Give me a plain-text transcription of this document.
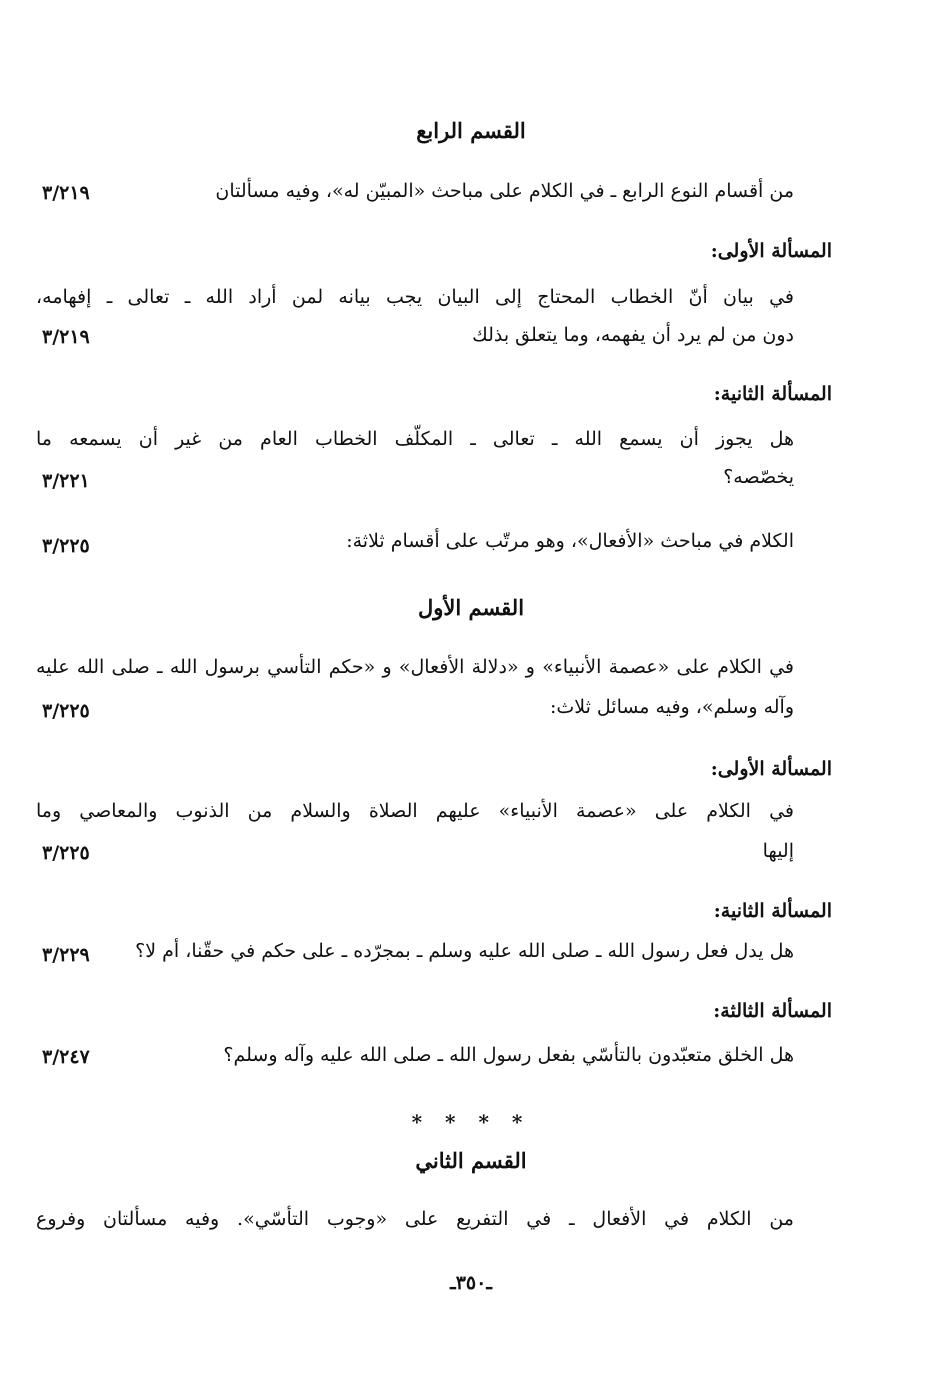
القسم الرابع
من أقسام النوع الرابع ـ في الكلام على مباحث «المبيّن له»، وفيه مسألتان
٣/٢١٩
المسألة الأولى:
في بيان أنّ الخطاب المحتاج إلى البيان يجب بيانه لمن أراد الله ـ تعالى ـ إفهامه،
دون من لم يرد أن يفهمه، وما يتعلق بذلك
٣/٢١٩
المسألة الثانية:
هل يجوز أن يسمع الله ـ تعالى ـ المكلّف الخطاب العام من غير أن يسمعه ما
يخصّصه؟
٣/٢٢١
الكلام في مباحث «الأفعال»، وهو مرتّب على أقسام ثلاثة:
٣/٢٢٥
القسم الأول
في الكلام على «عصمة الأنبياء» و «دلالة الأفعال» و «حكم التأسي برسول الله ـ صلى الله عليه
وآله وسلم»، وفيه مسائل ثلاث:
٣/٢٢٥
المسألة الأولى:
في الكلام على «عصمة الأنبياء» عليهم الصلاة والسلام من الذنوب والمعاصي وما
إليها
٣/٢٢٥
المسألة الثانية:
هل يدل فعل رسول الله ـ صلى الله عليه وسلم ـ بمجرّده ـ على حكم في حقّنا، أم لا؟
٣/٢٢٩
المسألة الثالثة:
هل الخلق متعبّدون بالتأسّي بفعل رسول الله ـ صلى الله عليه وآله وسلم؟
٣/٢٤٧
* * * *
القسم الثاني
من الكلام في الأفعال ـ في التفريع على «وجوب التأسّي». وفيه مسألتان وفروع
ـ٣٥٠ـ
